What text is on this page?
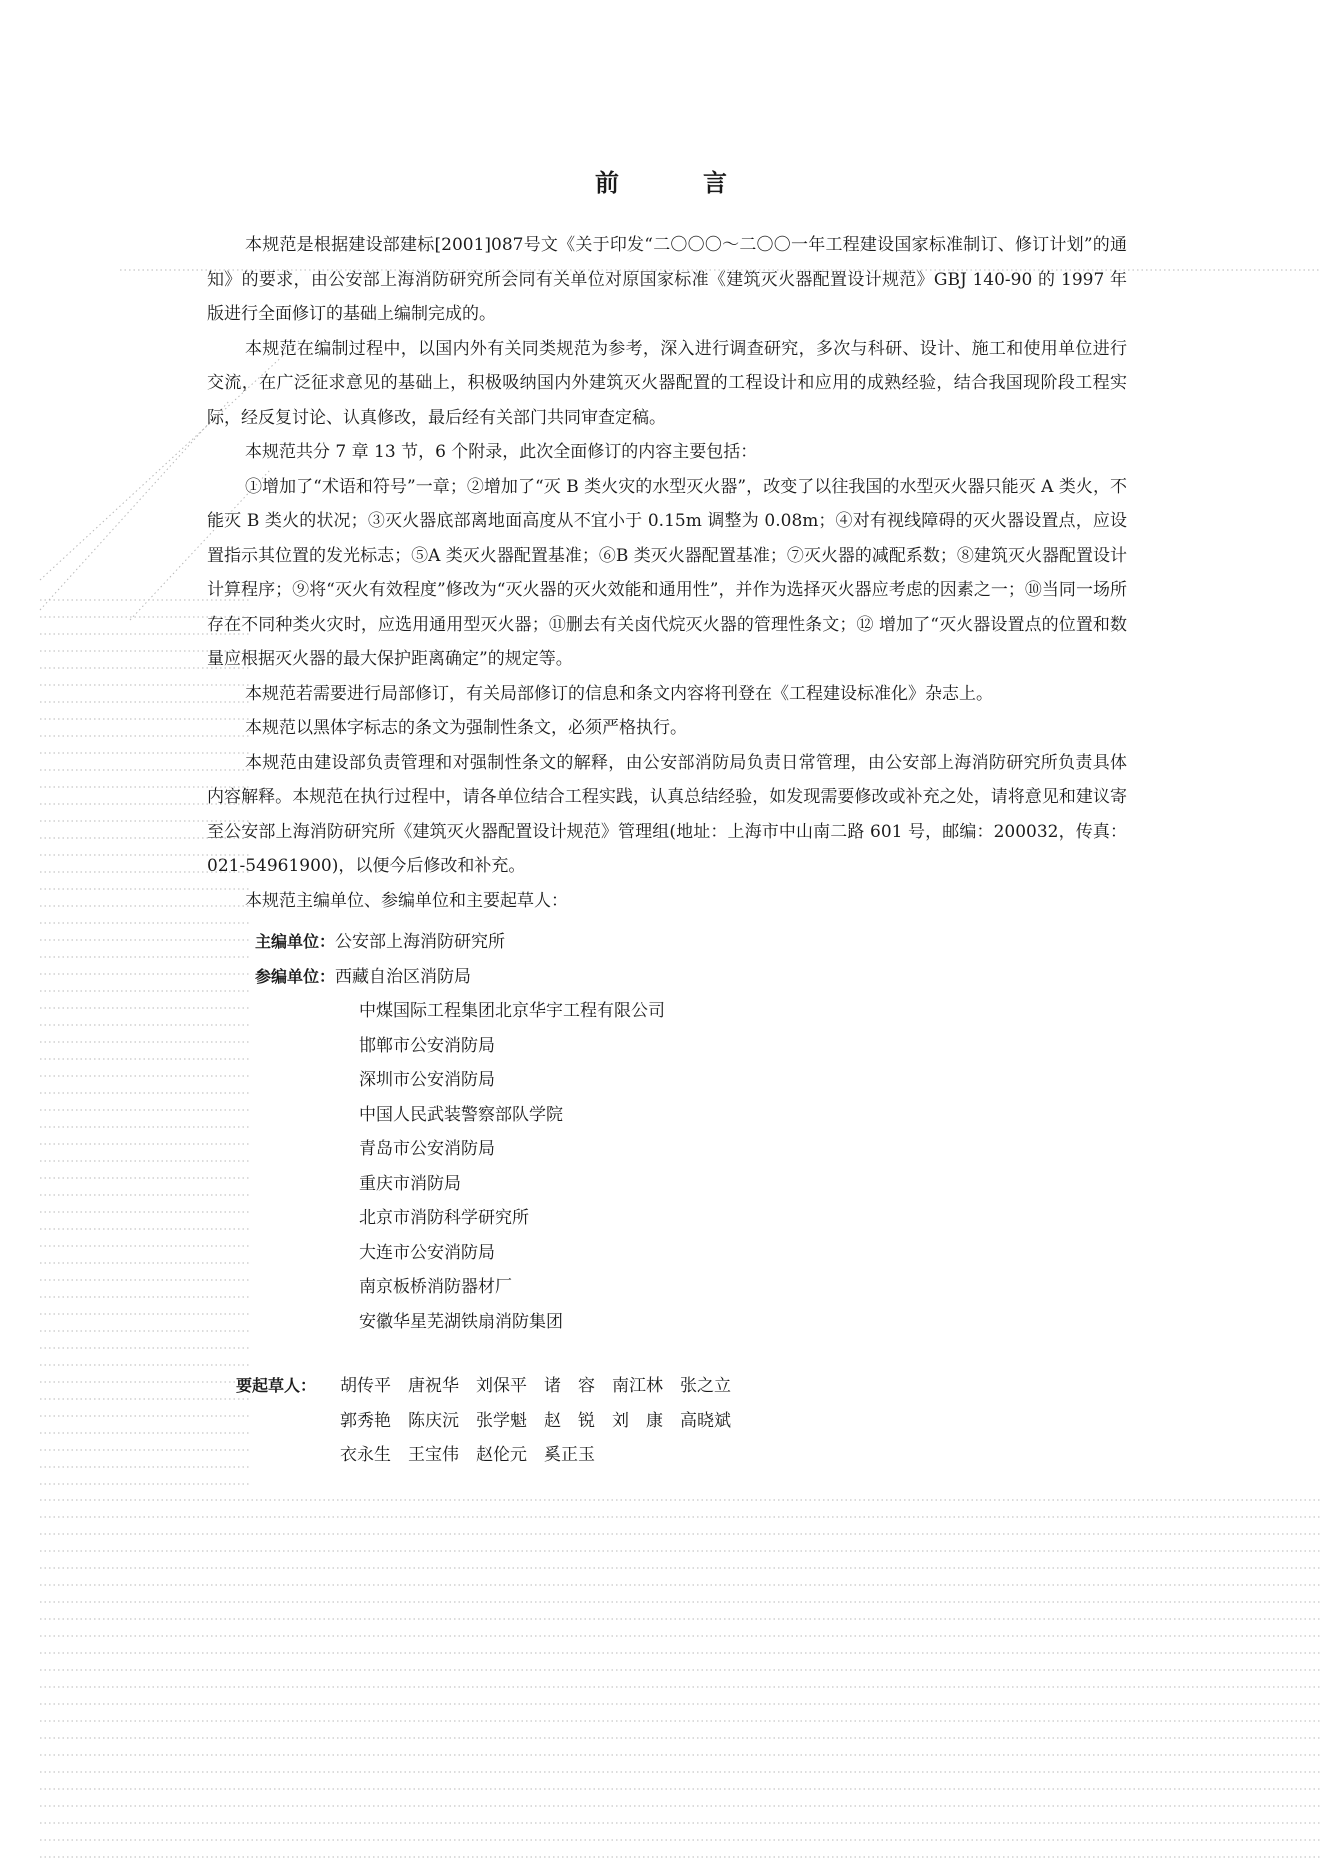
前　言

本规范是根据建设部建标[2001]087号文《关于印发“二〇〇〇～二〇〇一年工程建设国家标准制订、修订计划”的通知》的要求，由公安部上海消防研究所会同有关单位对原国家标准《建筑灭火器配置设计规范》GBJ 140-90 的 1997 年版进行全面修订的基础上编制完成的。

本规范在编制过程中，以国内外有关同类规范为参考，深入进行调查研究，多次与科研、设计、施工和使用单位进行交流，在广泛征求意见的基础上，积极吸纳国内外建筑灭火器配置的工程设计和应用的成熟经验，结合我国现阶段工程实际，经反复讨论、认真修改，最后经有关部门共同审查定稿。

本规范共分 7 章 13 节，6 个附录，此次全面修订的内容主要包括：

①增加了“术语和符号”一章；②增加了“灭 B 类火灾的水型灭火器”，改变了以往我国的水型灭火器只能灭 A 类火，不能灭 B 类火的状况；③灭火器底部离地面高度从不宜小于 0.15m 调整为 0.08m；④对有视线障碍的灭火器设置点，应设置指示其位置的发光标志；⑤A 类灭火器配置基准；⑥B 类灭火器配置基准；⑦灭火器的减配系数；⑧建筑灭火器配置设计计算程序；⑨将“灭火有效程度”修改为“灭火器的灭火效能和通用性”，并作为选择灭火器应考虑的因素之一；⑩当同一场所存在不同种类火灾时，应选用通用型灭火器；⑪删去有关卤代烷灭火器的管理性条文；⑫ 增加了“灭火器设置点的位置和数量应根据灭火器的最大保护距离确定”的规定等。

本规范若需要进行局部修订，有关局部修订的信息和条文内容将刊登在《工程建设标准化》杂志上。

本规范以黑体字标志的条文为强制性条文，必须严格执行。

本规范由建设部负责管理和对强制性条文的解释，由公安部消防局负责日常管理，由公安部上海消防研究所负责具体内容解释。本规范在执行过程中，请各单位结合工程实践，认真总结经验，如发现需要修改或补充之处，请将意见和建议寄至公安部上海消防研究所《建筑灭火器配置设计规范》管理组(地址：上海市中山南二路 601 号，邮编：200032，传真：021-54961900)，以便今后修改和补充。

本规范主编单位、参编单位和主要起草人：

主编单位： 公安部上海消防研究所
参编单位： 西藏自治区消防局
中煤国际工程集团北京华宇工程有限公司
邯郸市公安消防局
深圳市公安消防局
中国人民武装警察部队学院
青岛市公安消防局
重庆市消防局
北京市消防科学研究所
大连市公安消防局
南京板桥消防器材厂
安徽华星芜湖铁扇消防集团
要起草人： 胡传平　唐祝华　刘保平　诸　容　南江林　张之立
郭秀艳　陈庆沅　张学魁　赵　锐　刘　康　高晓斌
衣永生　王宝伟　赵伦元　奚正玉
